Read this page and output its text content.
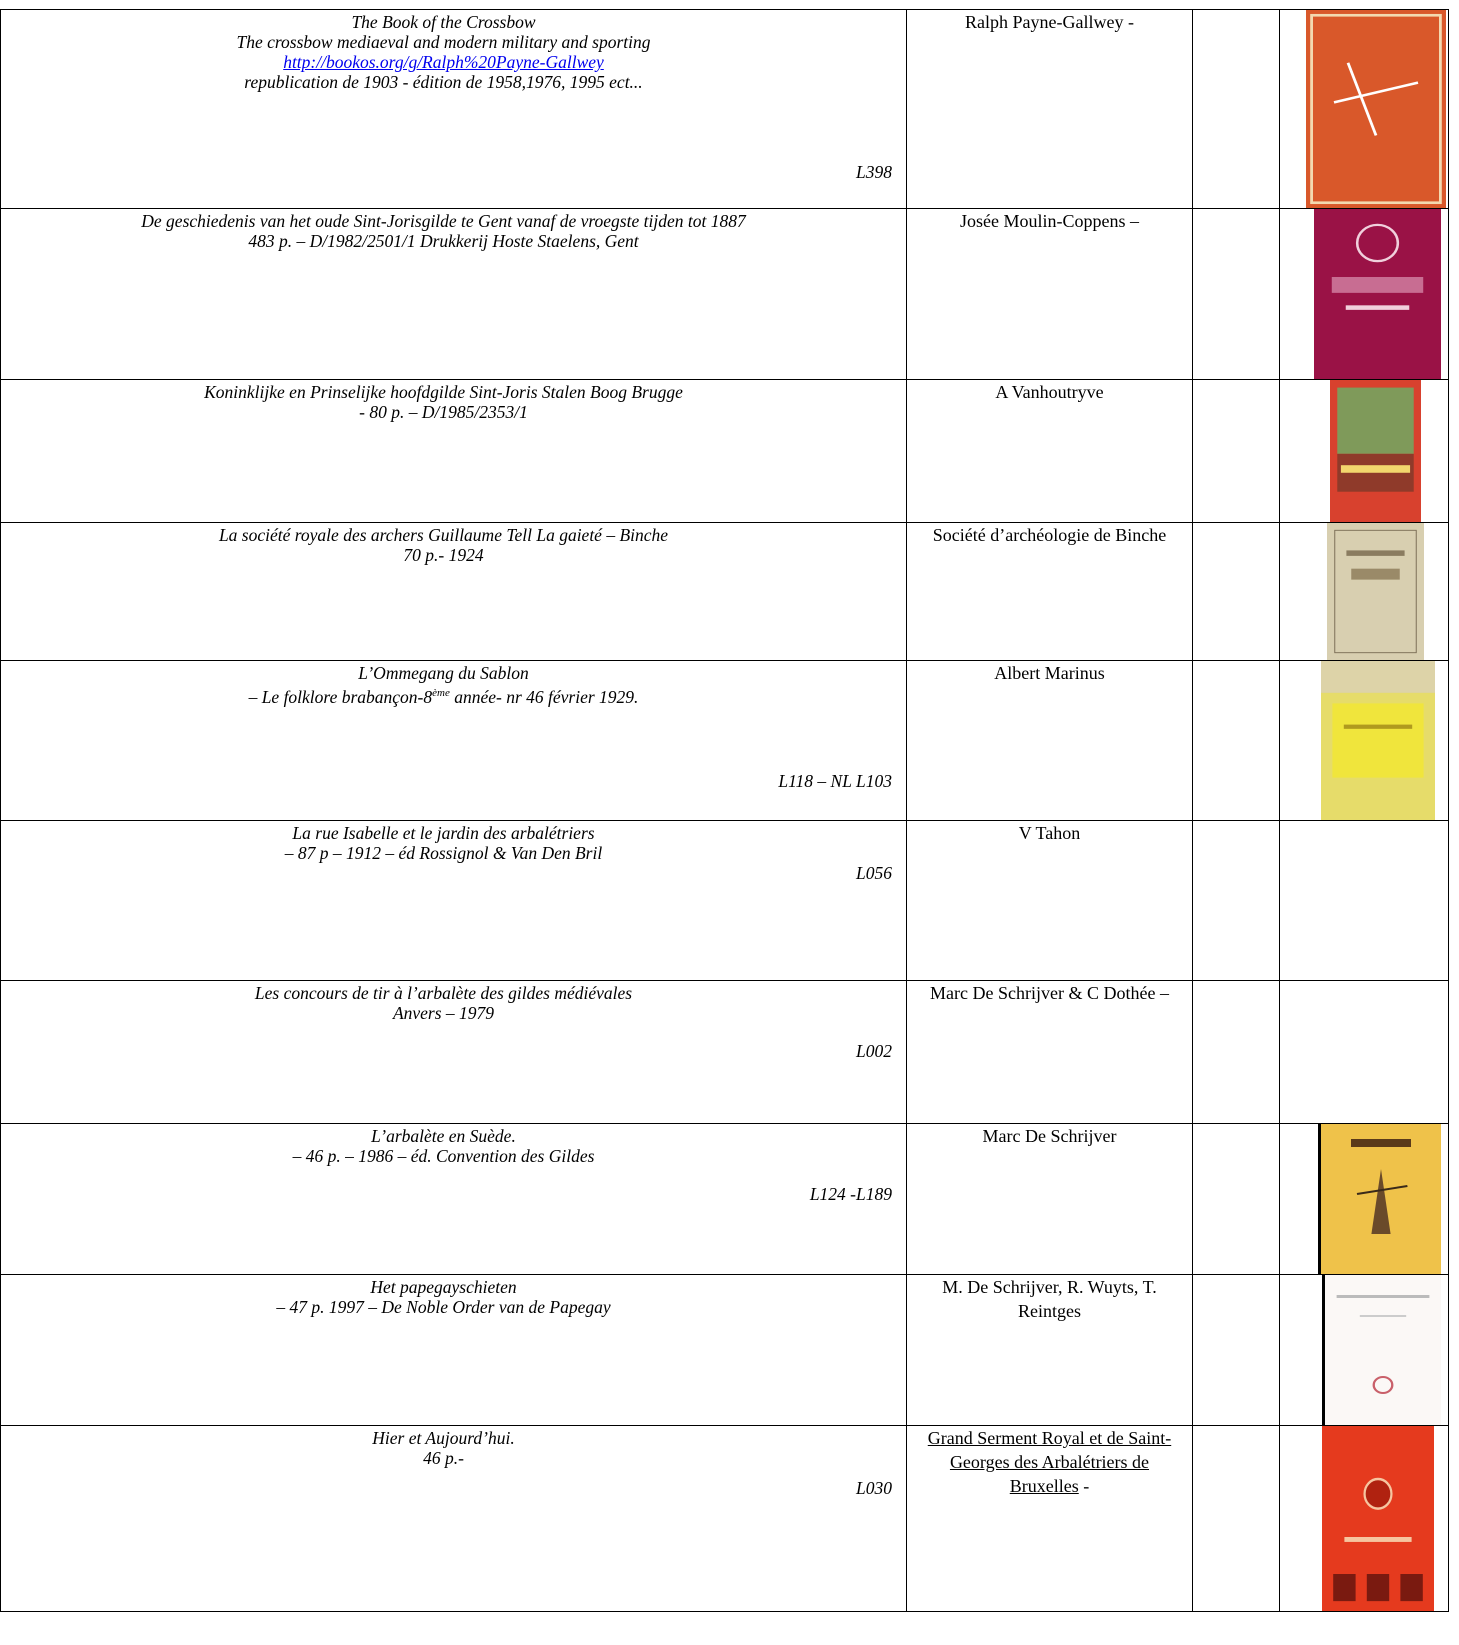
The Book of the Crossbow
The crossbow mediaeval and modern military and sporting
http://bookos.org/g/Ralph%20Payne-Gallwey
republication de 1903 - édition de 1958,1976, 1995 ect...
L398	Ralph Payne-Gallwey -

De geschiedenis van het oude Sint-Jorisgilde te Gent vanaf de vroegste tijden tot 1887
483 p. – D/1982/2501/1 Drukkerij Hoste Staelens, Gent	Josée Moulin-Coppens –

Koninklijke en Prinselijke hoofdgilde Sint-Joris Stalen Boog Brugge
- 80 p. – D/1985/2353/1	A Vanhoutryve

La société royale des archers Guillaume Tell La gaieté – Binche
70 p.- 1924	Société d’archéologie de Binche

L’Ommegang du Sablon
– Le folklore brabançon-8ème année- nr 46 février 1929.
L118 – NL L103	Albert Marinus

La rue Isabelle et le jardin des arbalétriers
– 87 p – 1912 – éd Rossignol & Van Den Bril
L056	V Tahon		

Les concours de tir à l’arbalète des gildes médiévales
Anvers – 1979
L002	Marc De Schrijver & C Dothée –		

L’arbalète en Suède.
– 46 p. – 1986 – éd. Convention des Gildes
L124 -L189	Marc De Schrijver

Het papegayschieten
– 47 p. 1997 – De Noble Order van de Papegay	M. De Schrijver, R. Wuyts, T. Reintges

Hier et Aujourd’hui.
46 p.-
L030	Grand Serment Royal et de Saint-Georges des Arbalétriers de Bruxelles -
